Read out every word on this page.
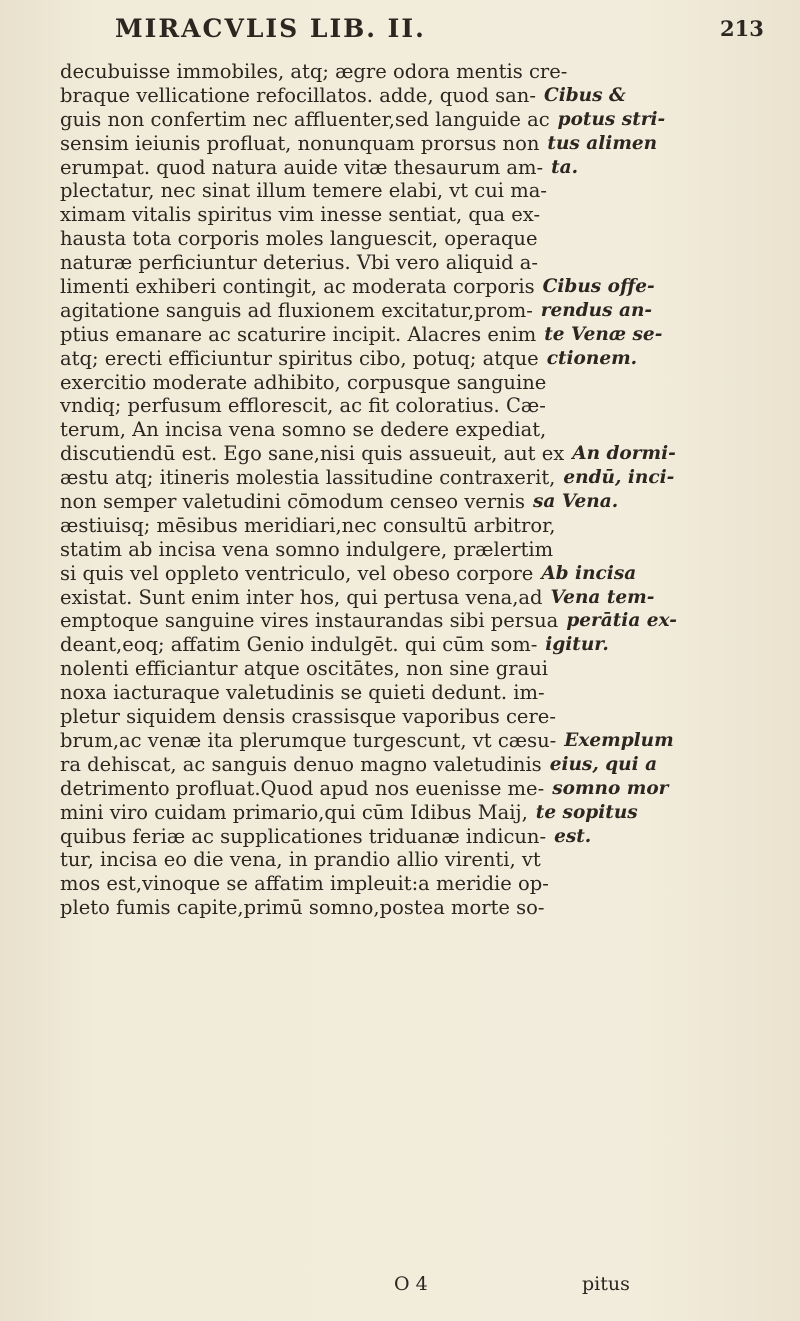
MIRACVLIS LIB. II.	213
decubuisse immobiles, atq; ægre odora mentis cre-
braque vellicatione refocillatos. adde, quod san- Cibus &
guis non confertim nec affluenter,sed languide ac potus stri-
sensim ieiunis profluat, nonunquam prorsus non tus alimen
erumpat. quod natura auide vitæ thesaurum am- ta.
plectatur, nec sinat illum temere elabi, vt cui ma-
ximam vitalis spiritus vim inesse sentiat, qua ex-
hausta tota corporis moles languescit, operaque
naturæ perficiuntur deterius. Vbi vero aliquid a-
limenti exhiberi contingit, ac moderata corporis Cibus offe-
agitatione sanguis ad fluxionem excitatur,prom- rendus an-
ptius emanare ac scaturire incipit. Alacres enim te Venæ se-
atq; erecti efficiuntur spiritus cibo, potuq; atque ctionem.
exercitio moderate adhibito, corpusque sanguine
vndiq; perfusum efflorescit, ac fit coloratius. Cæ-
terum, An incisa vena somno se dedere expediat,
discutiendū est. Ego sane,nisi quis assueuit, aut ex An dormi-
æstu atq; itineris molestia lassitudine contraxerit, endū, inci-
non semper valetudini cōmodum censeo vernis sa Vena.
æstiuisq; mēsibus meridiari,nec consultū arbitror,
statim ab incisa vena somno indulgere, prælertim
si quis vel oppleto ventriculo, vel obeso corpore Ab incisa
existat. Sunt enim inter hos, qui pertusa vena,ad Vena tem-
emptoque sanguine vires instaurandas sibi persua perātia ex-
deant,eoq; affatim Genio indulgēt. qui cūm som- igitur.
nolenti efficiantur atque oscitātes, non sine graui
noxa iacturaque valetudinis se quieti dedunt. im-
pletur siquidem densis crassisque vaporibus cere-
brum,ac venæ ita plerumque turgescunt, vt cæsu- Exemplum
ra dehiscat, ac sanguis denuo magno valetudinis eius, qui a
detrimento profluat.Quod apud nos euenisse me- somno mor
mini viro cuidam primario,qui cūm Idibus Maij, te sopitus
quibus feriæ ac supplicationes triduanæ indicun- est.
tur, incisa eo die vena, in prandio allio virenti, vt
mos est,vinoque se affatim impleuit:a meridie op-
pleto fumis capite,primū somno,postea morte so-
O 4	pitus
